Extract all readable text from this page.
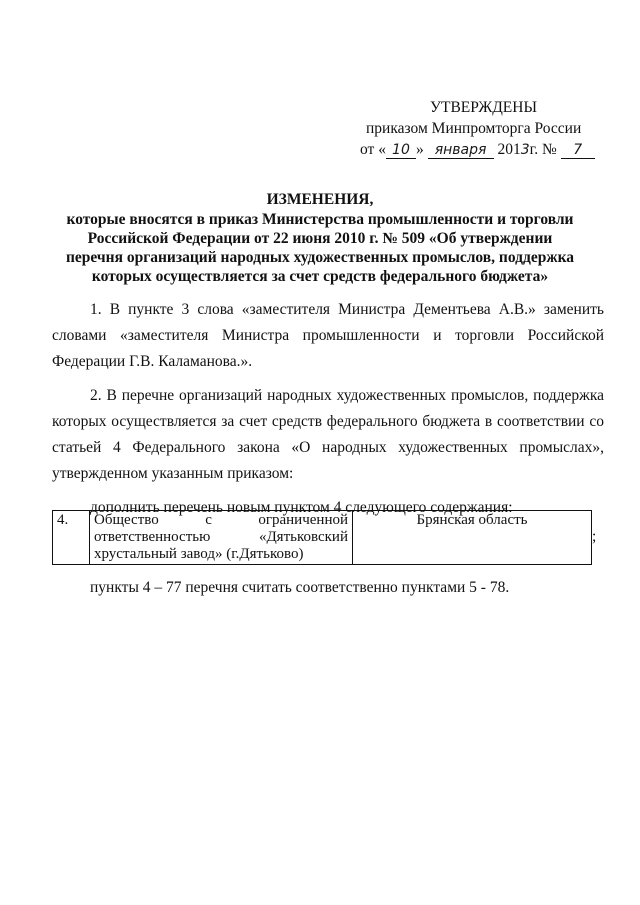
УТВЕРЖДЕНЫ
приказом Минпромторга России
от « 10 » января 2013г. № 7
ИЗМЕНЕНИЯ,
которые вносятся в приказ Министерства промышленности и торговли Российской Федерации от 22 июня 2010 г. № 509 «Об утверждении перечня организаций народных художественных промыслов, поддержка которых осуществляется за счет средств федерального бюджета»

1. В пункте 3 слова «заместителя Министра Дементьева А.В.» заменить словами «заместителя Министра промышленности и торговли Российской Федерации Г.В. Каламанова.».

2. В перечне организаций народных художественных промыслов, поддержка которых осуществляется за счет средств федерального бюджета в соответствии со статьей 4 Федерального закона «О народных художественных промыслах», утвержденном указанным приказом:

дополнить перечень новым пунктом 4 следующего содержания:

4.	Общество с ограниченной ответственностью «Дятьковский хрустальный завод» (г.Дятьково)	Брянская область
;
пункты 4 – 77 перечня считать соответственно пунктами 5 - 78.
